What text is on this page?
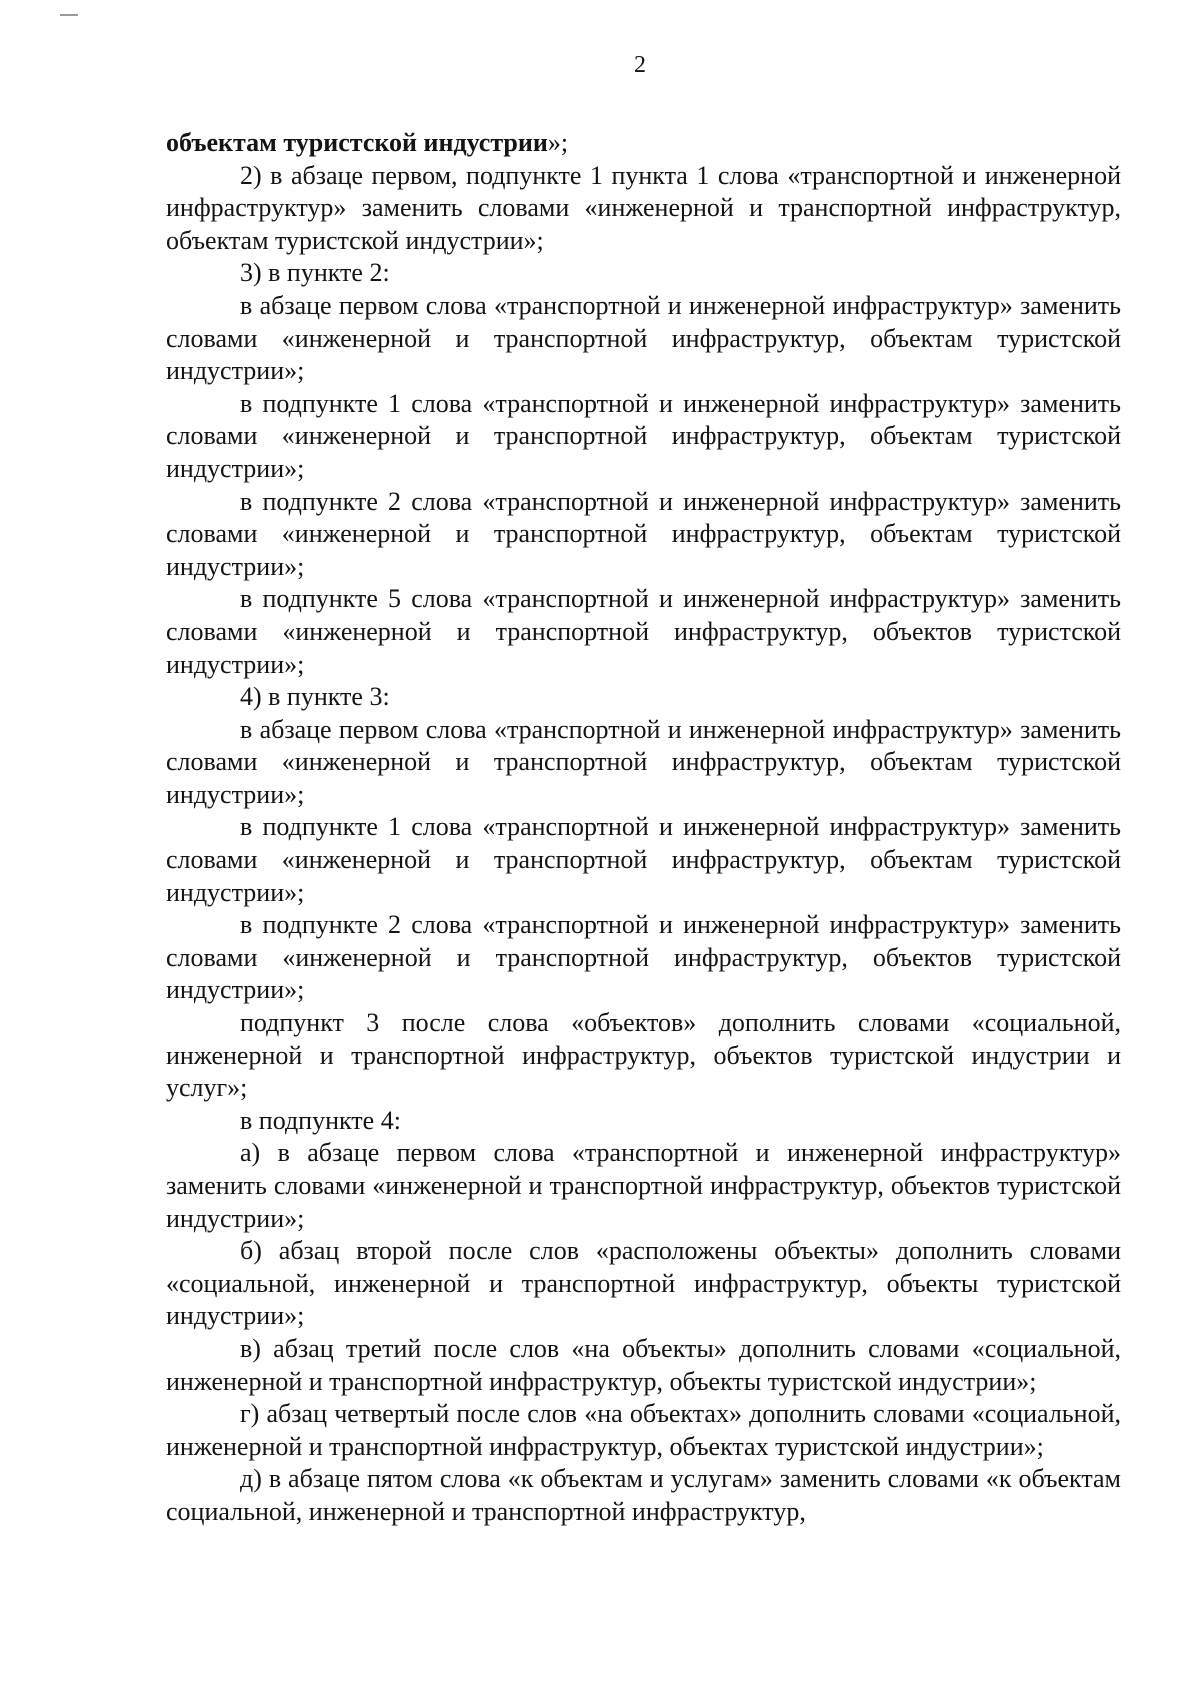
2

объектам туристской индустрии»;

2) в абзаце первом, подпункте 1 пункта 1 слова «транспортной и инженерной инфраструктур» заменить словами «инженерной и транспортной инфраструктур, объектам туристской индустрии»;

3) в пункте 2:

в абзаце первом слова «транспортной и инженерной инфраструктур» заменить словами «инженерной и транспортной инфраструктур, объектам туристской индустрии»;

в подпункте 1 слова «транспортной и инженерной инфраструктур» заменить словами «инженерной и транспортной инфраструктур, объектам туристской индустрии»;

в подпункте 2 слова «транспортной и инженерной инфраструктур» заменить словами «инженерной и транспортной инфраструктур, объектам туристской индустрии»;

в подпункте 5 слова «транспортной и инженерной инфраструктур» заменить словами «инженерной и транспортной инфраструктур, объектов туристской индустрии»;

4) в пункте 3:

в абзаце первом слова «транспортной и инженерной инфраструктур» заменить словами «инженерной и транспортной инфраструктур, объектам туристской индустрии»;

в подпункте 1 слова «транспортной и инженерной инфраструктур» заменить словами «инженерной и транспортной инфраструктур, объектам туристской индустрии»;

в подпункте 2 слова «транспортной и инженерной инфраструктур» заменить словами «инженерной и транспортной инфраструктур, объектов туристской индустрии»;

подпункт 3 после слова «объектов» дополнить словами «социальной, инженерной и транспортной инфраструктур, объектов туристской индустрии и услуг»;

в подпункте 4:

а) в абзаце первом слова «транспортной и инженерной инфраструктур» заменить словами «инженерной и транспортной инфраструктур, объектов туристской индустрии»;

б) абзац второй после слов «расположены объекты» дополнить словами «социальной, инженерной и транспортной инфраструктур, объекты туристской индустрии»;

в) абзац третий после слов «на объекты» дополнить словами «социальной, инженерной и транспортной инфраструктур, объекты туристской индустрии»;

г) абзац четвертый после слов «на объектах» дополнить словами «социальной, инженерной и транспортной инфраструктур, объектах туристской индустрии»;

д) в абзаце пятом слова «к объектам и услугам» заменить словами «к объектам социальной, инженерной и транспортной инфраструктур,
